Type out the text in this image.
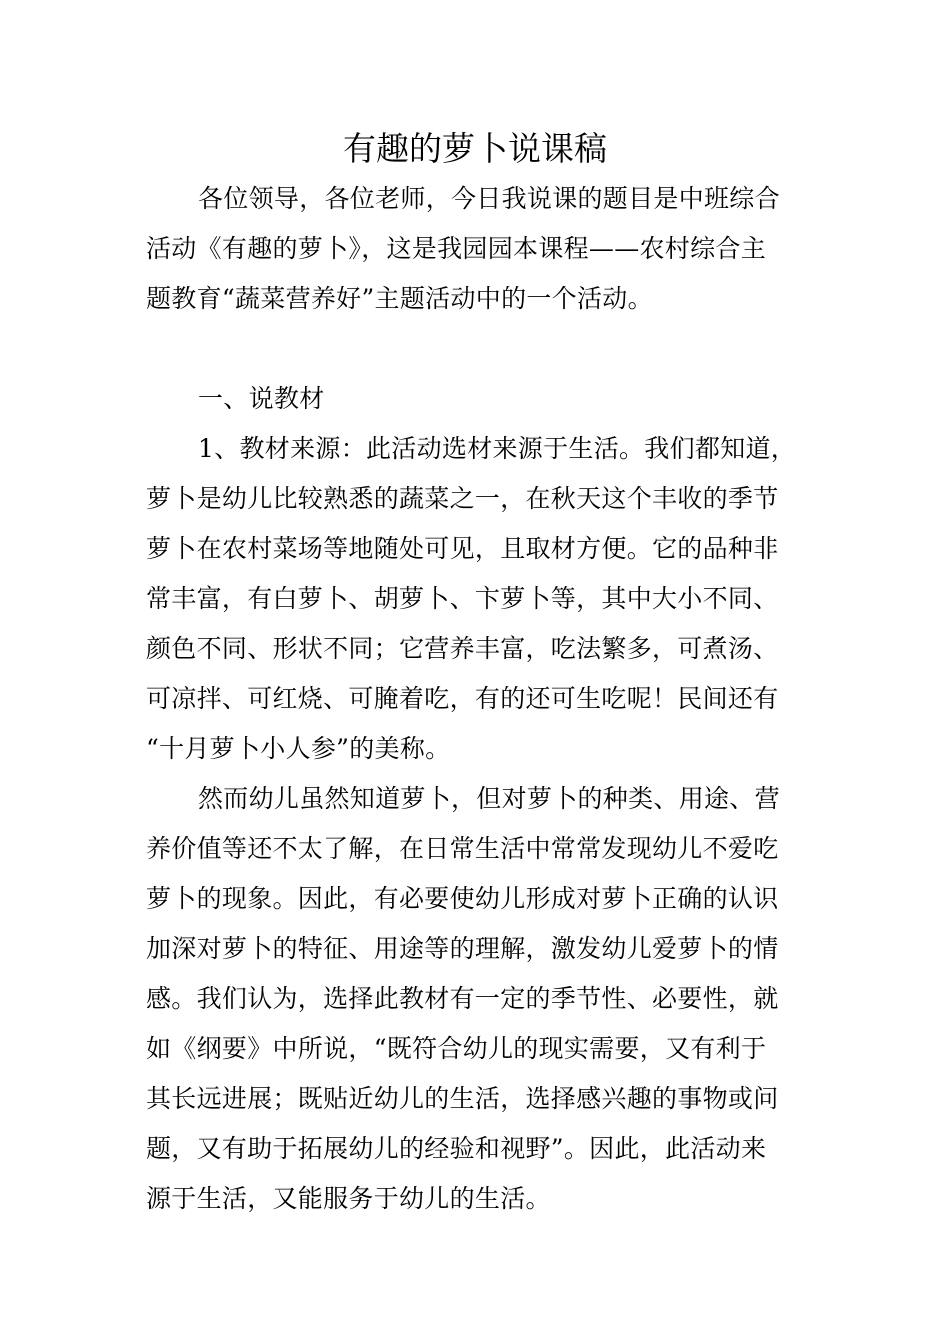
有趣的萝卜说课稿
各位领导，各位老师，今日我说课的题目是中班综合
活动《有趣的萝卜》，这是我园园本课程——农村综合主
题教育“蔬菜营养好”主题活动中的一个活动。
一、说教材
1、教材来源：此活动选材来源于生活。我们都知道，
萝卜是幼儿比较熟悉的蔬菜之一，在秋天这个丰收的季节
萝卜在农村菜场等地随处可见，且取材方便。它的品种非
常丰富，有白萝卜、胡萝卜、卞萝卜等，其中大小不同、
颜色不同、形状不同；它营养丰富，吃法繁多，可煮汤、
可凉拌、可红烧、可腌着吃，有的还可生吃呢！民间还有
“十月萝卜小人参”的美称。
然而幼儿虽然知道萝卜，但对萝卜的种类、用途、营
养价值等还不太了解，在日常生活中常常发现幼儿不爱吃
萝卜的现象。因此，有必要使幼儿形成对萝卜正确的认识
加深对萝卜的特征、用途等的理解，激发幼儿爱萝卜的情
感。我们认为，选择此教材有一定的季节性、必要性，就
如《纲要》中所说，“既符合幼儿的现实需要，又有利于
其长远进展；既贴近幼儿的生活，选择感兴趣的事物或问
题，又有助于拓展幼儿的经验和视野”。因此，此活动来
源于生活，又能服务于幼儿的生活。
